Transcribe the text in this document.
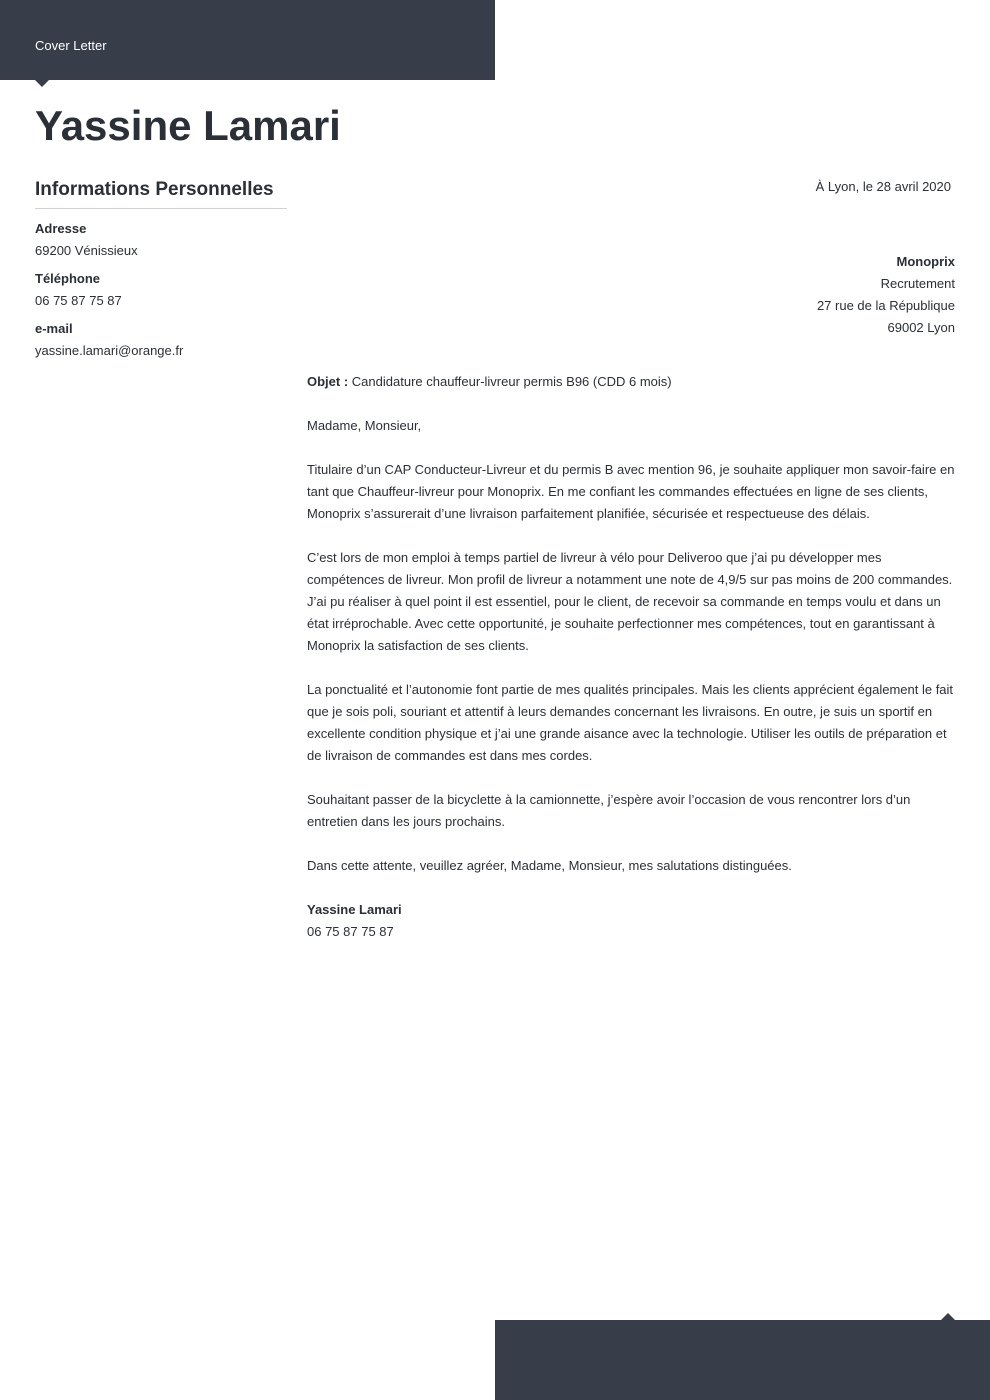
Cover Letter
Yassine Lamari
Informations Personnelles
Adresse
69200 Vénissieux
Téléphone
06 75 87 75 87
e-mail
yassine.lamari@orange.fr
À Lyon, le 28 avril 2020
Monoprix
Recrutement
27 rue de la République
69002 Lyon

Objet : Candidature chauffeur-livreur permis B96 (CDD 6 mois)

Madame, Monsieur,

Titulaire d’un CAP Conducteur-Livreur et du permis B avec mention 96, je souhaite appliquer mon savoir-faire en tant que Chauffeur-livreur pour Monoprix. En me confiant les commandes effectuées en ligne de ses clients, Monoprix s’assurerait d’une livraison parfaitement planifiée, sécurisée et respectueuse des délais.

C’est lors de mon emploi à temps partiel de livreur à vélo pour Deliveroo que j’ai pu développer mes compétences de livreur. Mon profil de livreur a notamment une note de 4,9/5 sur pas moins de 200 commandes. J’ai pu réaliser à quel point il est essentiel, pour le client, de recevoir sa commande en temps voulu et dans un état irréprochable. Avec cette opportunité, je souhaite perfectionner mes compétences, tout en garantissant à Monoprix la satisfaction de ses clients.

La ponctualité et l’autonomie font partie de mes qualités principales. Mais les clients apprécient également le fait que je sois poli, souriant et attentif à leurs demandes concernant les livraisons. En outre, je suis un sportif en excellente condition physique et j’ai une grande aisance avec la technologie. Utiliser les outils de préparation et de livraison de commandes est dans mes cordes.

Souhaitant passer de la bicyclette à la camionnette, j’espère avoir l’occasion de vous rencontrer lors d’un entretien dans les jours prochains.

Dans cette attente, veuillez agréer, Madame, Monsieur, mes salutations distinguées.

Yassine Lamari

06 75 87 75 87
